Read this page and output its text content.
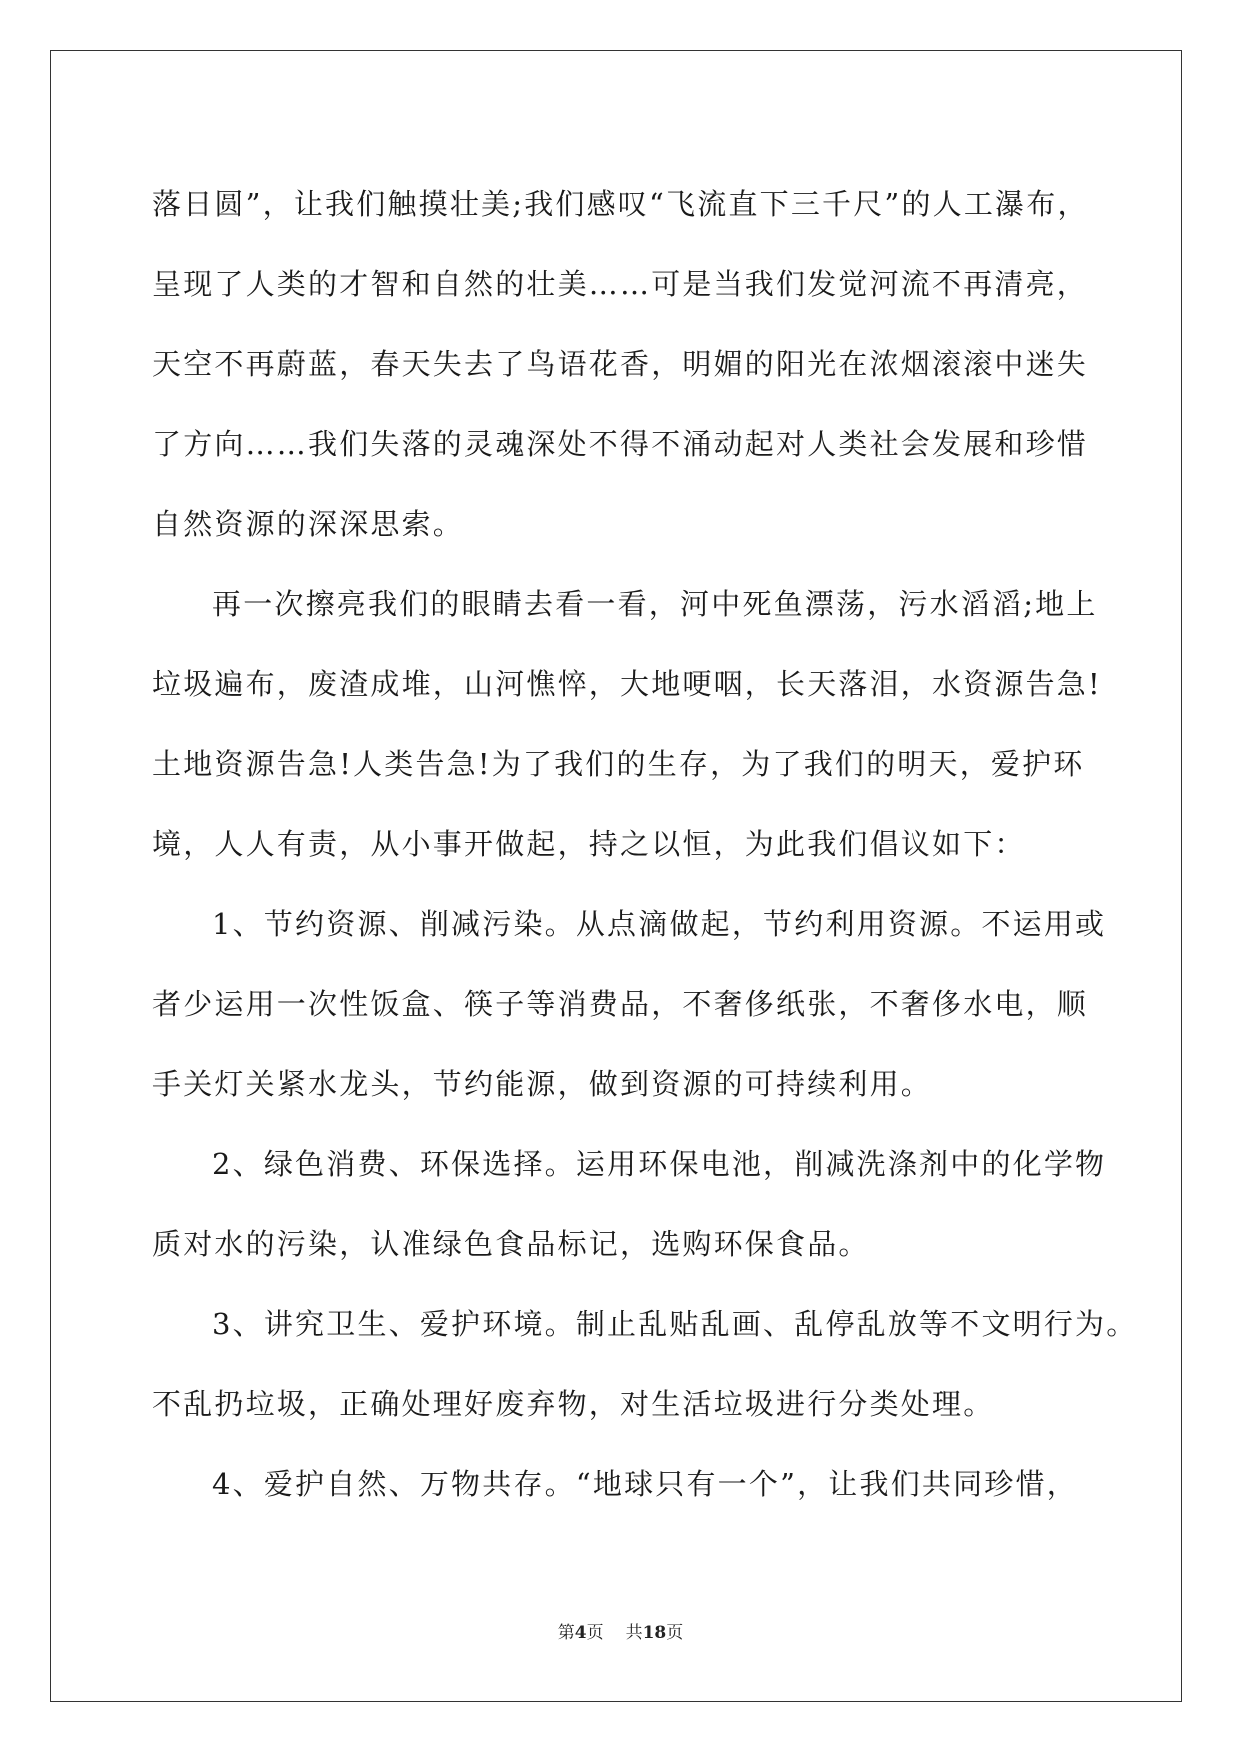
落日圆”，让我们触摸壮美;我们感叹“飞流直下三千尺”的人工瀑布，
呈现了人类的才智和自然的壮美……可是当我们发觉河流不再清亮，
天空不再蔚蓝，春天失去了鸟语花香，明媚的阳光在浓烟滚滚中迷失
了方向……我们失落的灵魂深处不得不涌动起对人类社会发展和珍惜
自然资源的深深思索。
再一次擦亮我们的眼睛去看一看，河中死鱼漂荡，污水滔滔;地上
垃圾遍布，废渣成堆，山河憔悴，大地哽咽，长天落泪，水资源告急!
土地资源告急!人类告急!为了我们的生存，为了我们的明天，爱护环
境，人人有责，从小事开做起，持之以恒，为此我们倡议如下：
1、节约资源、削减污染。从点滴做起，节约利用资源。不运用或
者少运用一次性饭盒、筷子等消费品，不奢侈纸张，不奢侈水电，顺
手关灯关紧水龙头，节约能源，做到资源的可持续利用。
2、绿色消费、环保选择。运用环保电池，削减洗涤剂中的化学物
质对水的污染，认准绿色食品标记，选购环保食品。
3、讲究卫生、爱护环境。制止乱贴乱画、乱停乱放等不文明行为。
不乱扔垃圾，正确处理好废弃物，对生活垃圾进行分类处理。
4、爱护自然、万物共存。“地球只有一个”，让我们共同珍惜，
第4页 共18页
